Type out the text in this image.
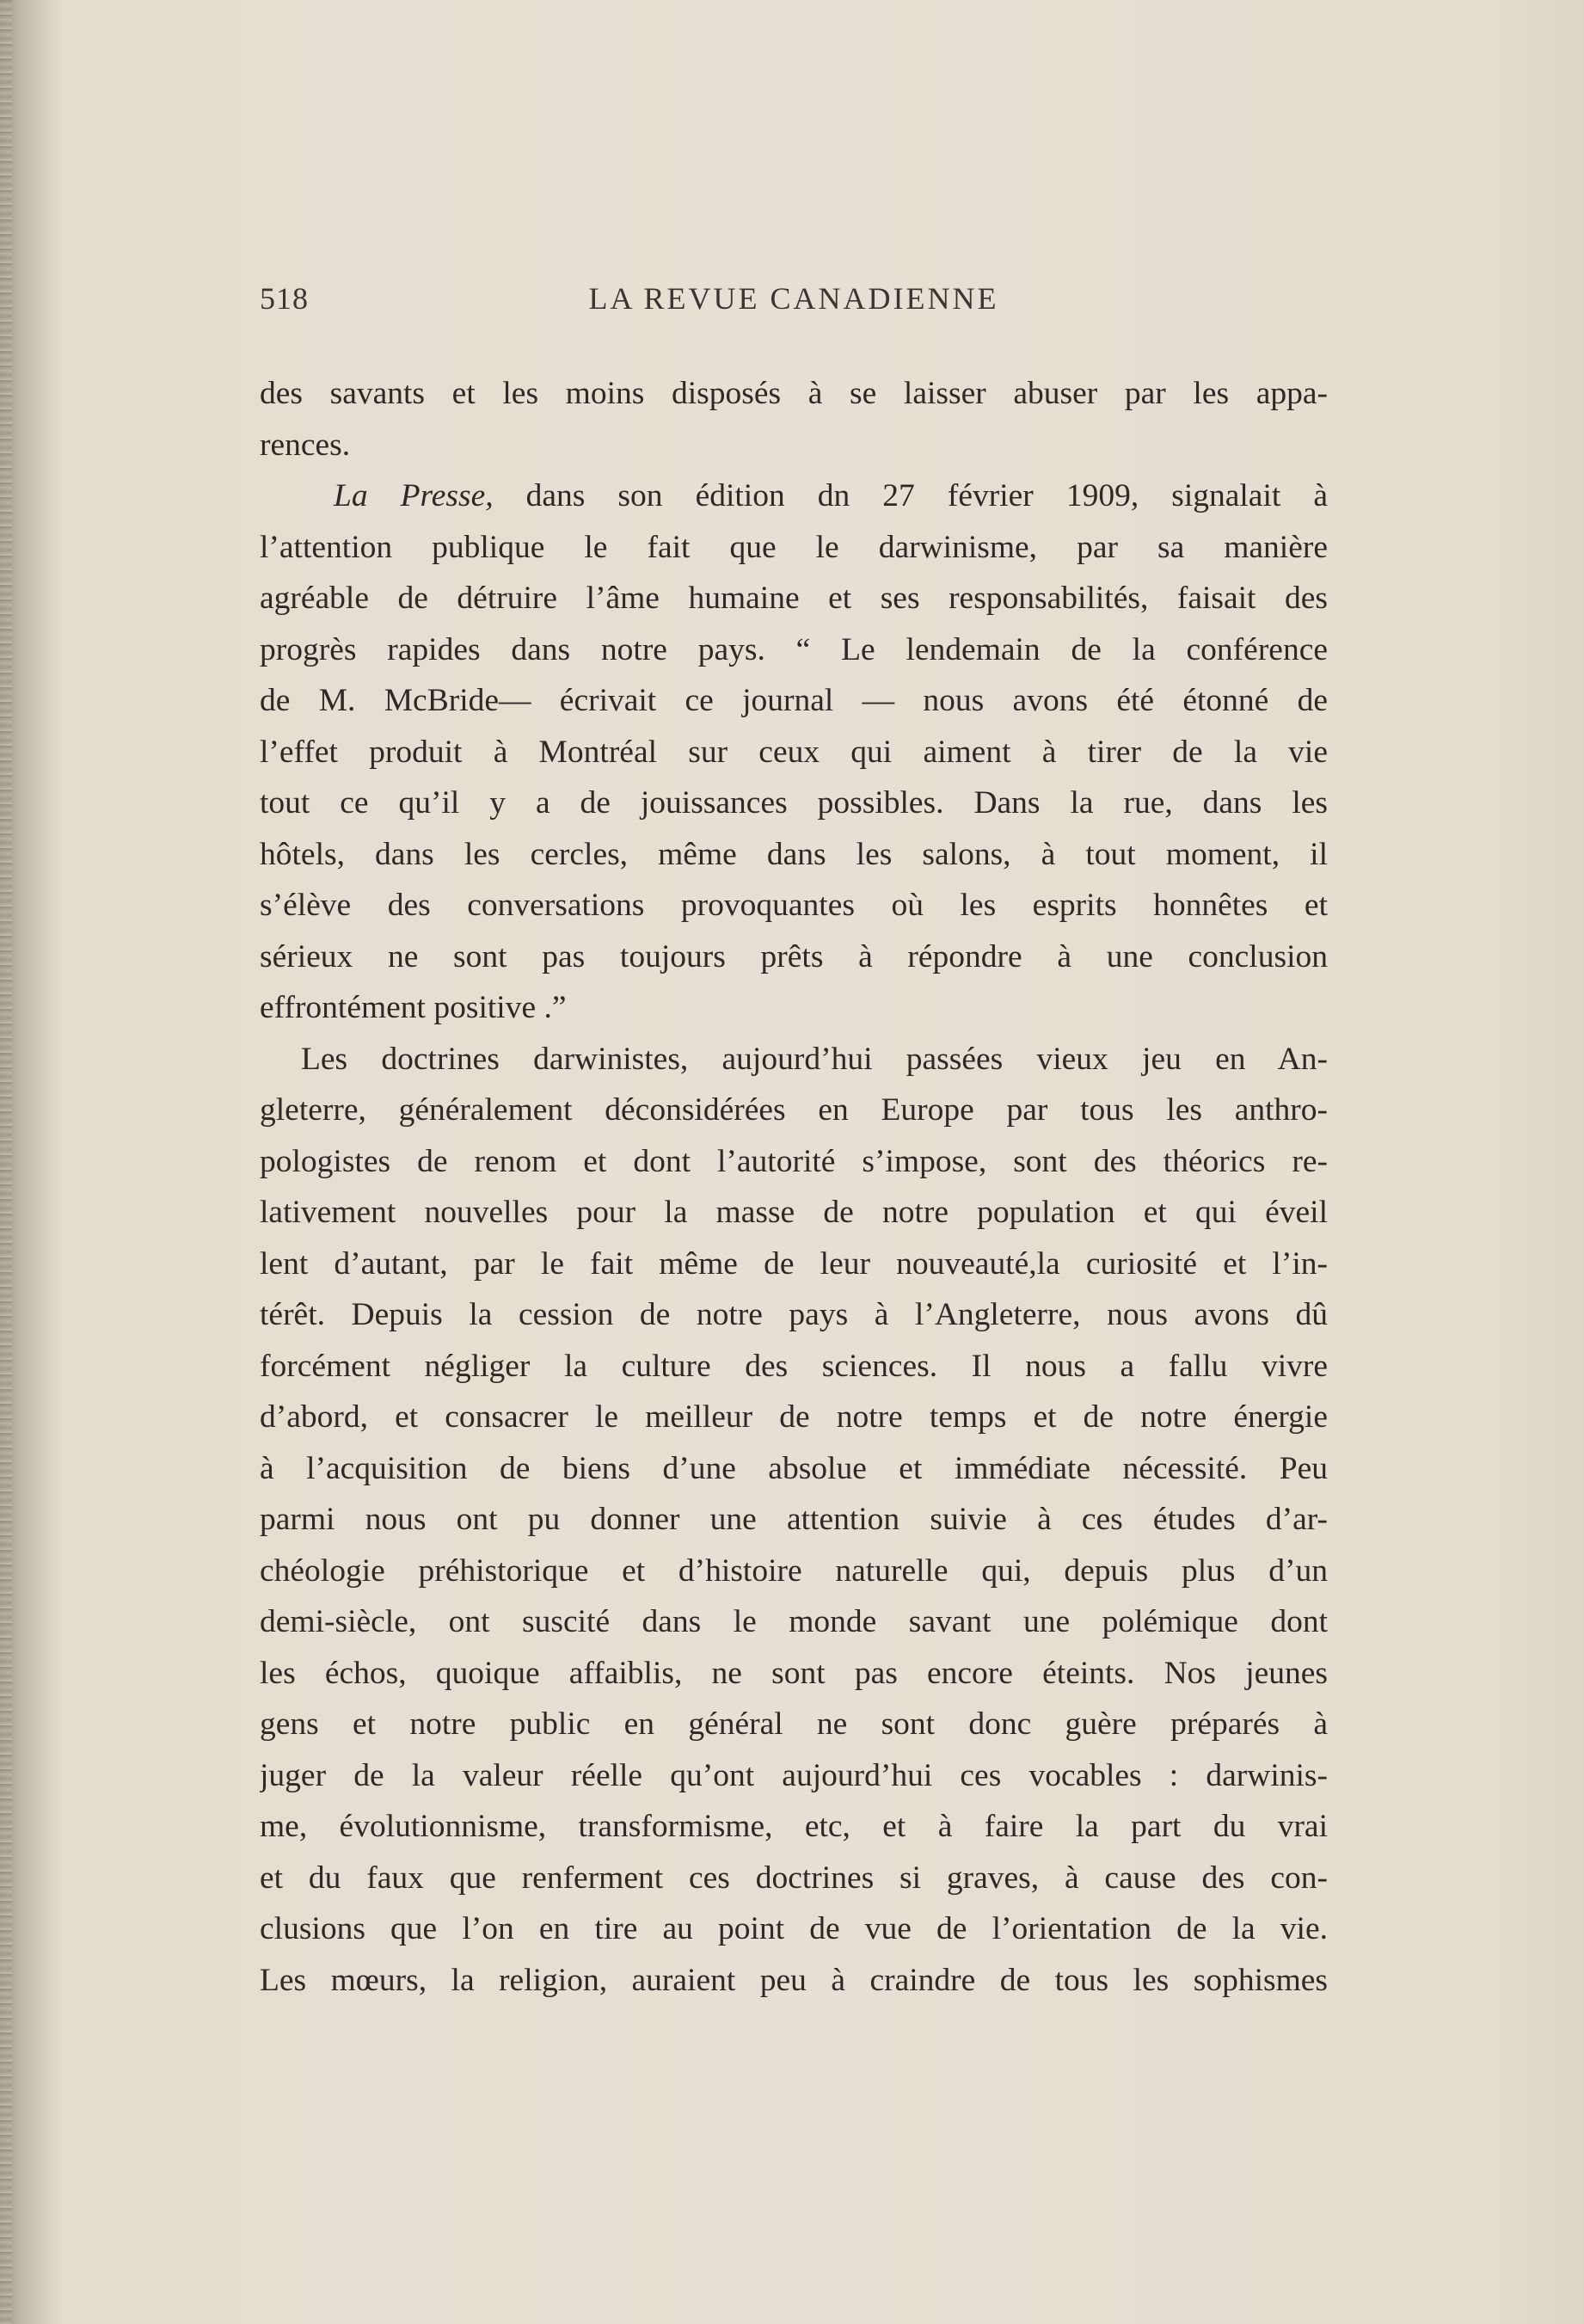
518	LA REVUE CANADIENNE
des savants et les moins disposés à se laisser abuser par les appa-
rences.
La Presse, dans son édition dn 27 février 1909, signalait à
l’attention publique le fait que le darwinisme, par sa manière
agréable de détruire l’âme humaine et ses responsabilités, faisait des
progrès rapides dans notre pays. “ Le lendemain de la conférence
de M. McBride— écrivait ce journal — nous avons été étonné de
l’effet produit à Montréal sur ceux qui aiment à tirer de la vie
tout ce qu’il y a de jouissances possibles. Dans la rue, dans les
hôtels, dans les cercles, même dans les salons, à tout moment, il
s’élève des conversations provoquantes où les esprits honnêtes et
sérieux ne sont pas toujours prêts à répondre à une conclusion
effrontément positive .”
Les doctrines darwinistes, aujourd’hui passées vieux jeu en An-
gleterre, généralement déconsidérées en Europe par tous les anthro-
pologistes de renom et dont l’autorité s’impose, sont des théorics re-
lativement nouvelles pour la masse de notre population et qui éveil
lent d’autant, par le fait même de leur nouveauté,la curiosité et l’in-
térêt. Depuis la cession de notre pays à l’Angleterre, nous avons dû
forcément négliger la culture des sciences. Il nous a fallu vivre
d’abord, et consacrer le meilleur de notre temps et de notre énergie
à l’acquisition de biens d’une absolue et immédiate nécessité. Peu
parmi nous ont pu donner une attention suivie à ces études d’ar-
chéologie préhistorique et d’histoire naturelle qui, depuis plus d’un
demi-siècle, ont suscité dans le monde savant une polémique dont
les échos, quoique affaiblis, ne sont pas encore éteints. Nos jeunes
gens et notre public en général ne sont donc guère préparés à
juger de la valeur réelle qu’ont aujourd’hui ces vocables : darwinis-
me, évolutionnisme, transformisme, etc, et à faire la part du vrai
et du faux que renferment ces doctrines si graves, à cause des con-
clusions que l’on en tire au point de vue de l’orientation de la vie.
Les mœurs, la religion, auraient peu à craindre de tous les sophismes
